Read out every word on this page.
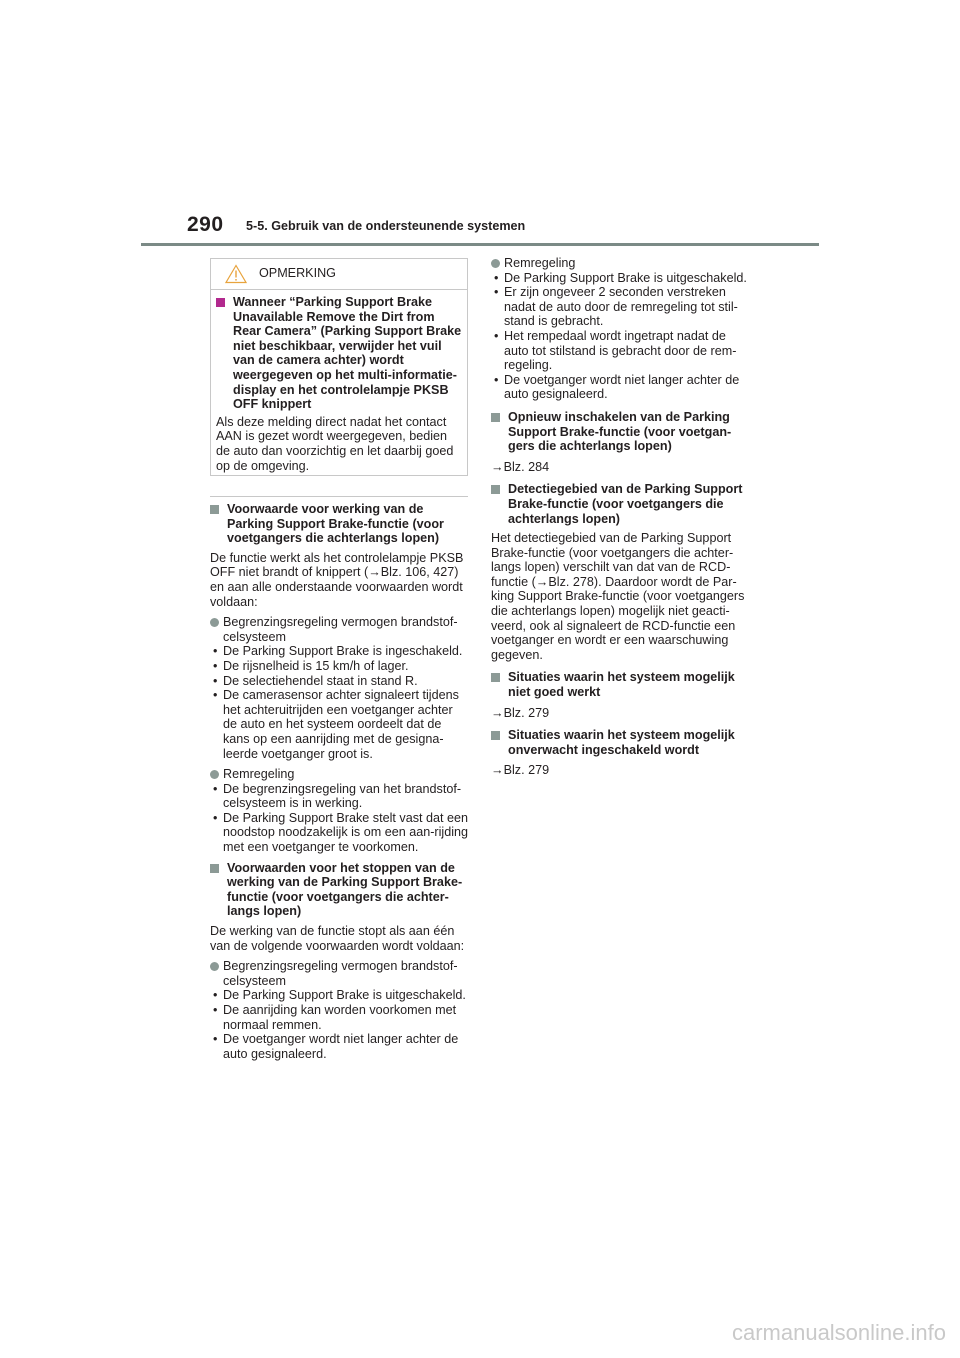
290 5-5. Gebruik van de ondersteunende systemen
OPMERKING

Wanneer “Parking Support Brake Unavailable Remove the Dirt from Rear Camera” (Parking Support Brake niet beschikbaar, verwijder het vuil van de camera achter) wordt weergegeven op het multi-informatie-display en het controlelampje PKSB OFF knippert

Als deze melding direct nadat het contact AAN is gezet wordt weergegeven, bedien de auto dan voorzichtig en let daarbij goed op de omgeving.

Voorwaarde voor werking van de Parking Support Brake-functie (voor voetgangers die achterlangs lopen)

De functie werkt als het controlelampje PKSB OFF niet brandt of knippert (→Blz. 106, 427) en aan alle onderstaande voorwaarden wordt voldaan:

Begrenzingsregeling vermogen brandstof-celsysteem

• De Parking Support Brake is ingeschakeld.

• De rijsnelheid is 15 km/h of lager.

• De selectiehendel staat in stand R.

• De camerasensor achter signaleert tijdens het achteruitrijden een voetganger achter de auto en het systeem oordeelt dat de kans op een aanrijding met de gesigna-leerde voetganger groot is.

Remregeling

• De begrenzingsregeling van het brandstof-celsysteem is in werking.

• De Parking Support Brake stelt vast dat een noodstop noodzakelijk is om een aan-rijding met een voetganger te voorkomen.

Voorwaarden voor het stoppen van de werking van de Parking Support Brake-functie (voor voetgangers die achter-langs lopen)

De werking van de functie stopt als aan één van de volgende voorwaarden wordt voldaan:

Begrenzingsregeling vermogen brandstof-celsysteem

• De Parking Support Brake is uitgeschakeld.

• De aanrijding kan worden voorkomen met normaal remmen.

• De voetganger wordt niet langer achter de auto gesignaleerd.

Remregeling

• De Parking Support Brake is uitgeschakeld.

• Er zijn ongeveer 2 seconden verstreken nadat de auto door de remregeling tot stil-stand is gebracht.

• Het rempedaal wordt ingetrapt nadat de auto tot stilstand is gebracht door de rem-regeling.

• De voetganger wordt niet langer achter de auto gesignaleerd.

Opnieuw inschakelen van de Parking Support Brake-functie (voor voetgan-gers die achterlangs lopen)

→Blz. 284

Detectiegebied van de Parking Support Brake-functie (voor voetgangers die achterlangs lopen)

Het detectiegebied van de Parking Support Brake-functie (voor voetgangers die achter-langs lopen) verschilt van dat van de RCD-functie (→Blz. 278). Daardoor wordt de Par-king Support Brake-functie (voor voetgangers die achterlangs lopen) mogelijk niet geacti-veerd, ook al signaleert de RCD-functie een voetganger en wordt er een waarschuwing gegeven.

Situaties waarin het systeem mogelijk niet goed werkt

→Blz. 279

Situaties waarin het systeem mogelijk onverwacht ingeschakeld wordt

→Blz. 279

carmanualsonline.info
